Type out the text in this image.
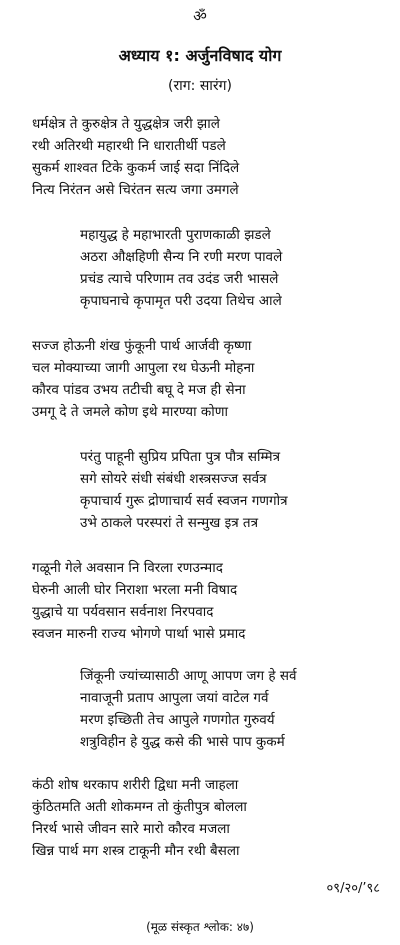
ॐ
अध्याय १: अर्जुनविषाद योग
(राग: सारंग)
धर्मक्षेत्र ते कुरुक्षेत्र ते युद्धक्षेत्र जरी झाले
रथी अतिरथी महारथी नि धारातीर्थी पडले
सुकर्म शाश्वत टिके कुकर्म जाई सदा निंदिले
नित्य निरंतन असे चिरंतन सत्य जगा उमगले
महायुद्ध हे महाभारती पुराणकाळी झडले
अठरा औक्षहिणी सैन्य नि रणी मरण पावले
प्रचंड त्याचे परिणाम तव उदंड जरी भासले
कृपाघनाचे कृपामृत परी उदया तिथेच आले
सज्ज होऊनी शंख फुंकूनी पार्थ आर्जवी कृष्णा
चल मोक्याच्या जागी आपुला रथ घेऊनी मोहना
कौरव पांडव उभय तटीची बघू दे मज ही सेना
उमगू दे ते जमले कोण इथे मारण्या कोणा
परंतु पाहूनी सुप्रिय प्रपिता पुत्र पौत्र सम्मित्र
सगे सोयरे संधी संबंधी शस्त्रसज्ज सर्वत्र
कृपाचार्य गुरू द्रोणाचार्य सर्व स्वजन गणगोत्र
उभे ठाकले परस्परां ते सन्मुख इत्र तत्र
गळूनी गेले अवसान नि विरला रणउन्माद
घेरुनी आली घोर निराशा भरला मनी विषाद
युद्धाचे या पर्यवसान सर्वनाश निरपवाद
स्वजन मारुनी राज्य भोगणे पार्था भासे प्रमाद
जिंकूनी ज्यांच्यासाठी आणू आपण जग हे सर्व
नावाजूनी प्रताप आपुला जयां वाटेल गर्व
मरण इच्छिती तेच आपुले गणगोत गुरुवर्य
शत्रुविहीन हे युद्ध कसे की भासे पाप कुकर्म
कंठी शोष थरकाप शरीरी द्विधा मनी जाहला
कुंठितमति अती शोकमग्न तो कुंतीपुत्र बोलला
निरर्थ भासे जीवन सारे मारो कौरव मजला
खिन्न पार्थ मग शस्त्र टाकूनी मौन रथी बैसला
०९/२०/’९८
(मूळ संस्कृत श्लोक: ४७)
